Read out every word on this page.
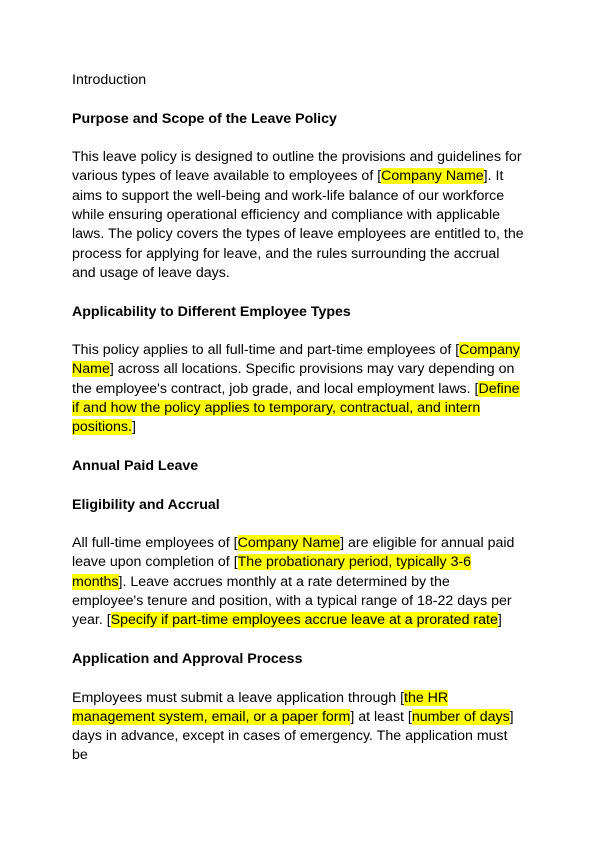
Introduction
Purpose and Scope of the Leave Policy
This leave policy is designed to outline the provisions and guidelines for various types of leave available to employees of [Company Name]. It aims to support the well-being and work-life balance of our workforce while ensuring operational efficiency and compliance with applicable laws. The policy covers the types of leave employees are entitled to, the process for applying for leave, and the rules surrounding the accrual and usage of leave days.
Applicability to Different Employee Types
This policy applies to all full-time and part-time employees of [Company Name] across all locations. Specific provisions may vary depending on the employee's contract, job grade, and local employment laws. [Define if and how the policy applies to temporary, contractual, and intern positions.]
Annual Paid Leave
Eligibility and Accrual
All full-time employees of [Company Name] are eligible for annual paid leave upon completion of [The probationary period, typically 3-6 months]. Leave accrues monthly at a rate determined by the employee's tenure and position, with a typical range of 18-22 days per year. [Specify if part-time employees accrue leave at a prorated rate]
Application and Approval Process
Employees must submit a leave application through [the HR management system, email, or a paper form] at least [number of days] days in advance, except in cases of emergency. The application must be
